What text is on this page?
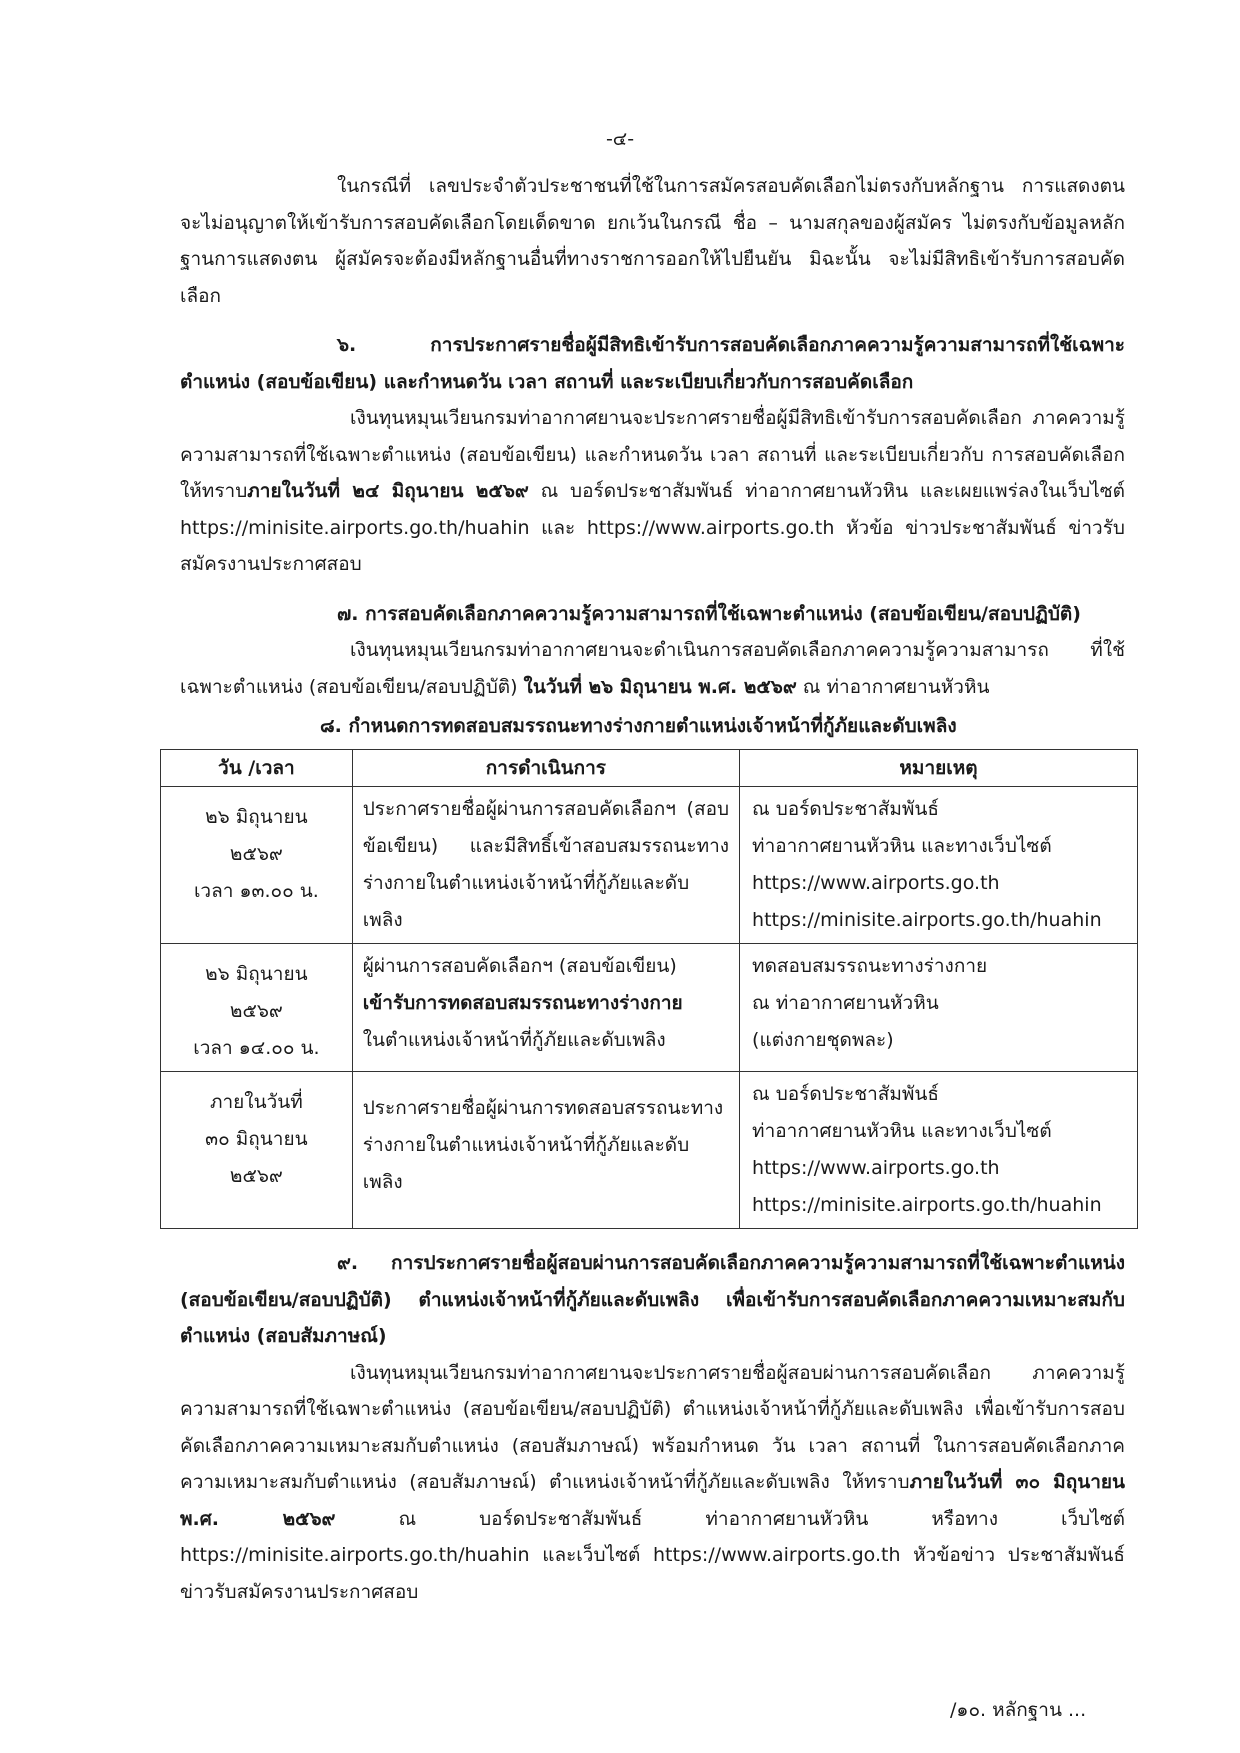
-๔-

ในกรณีที่ เลขประจำตัวประชาชนที่ใช้ในการสมัครสอบคัดเลือกไม่ตรงกับหลักฐาน การแสดงตน จะไม่อนุญาตให้เข้ารับการสอบคัดเลือกโดยเด็ดขาด ยกเว้นในกรณี ชื่อ – นามสกุลของผู้สมัคร ไม่ตรงกับข้อมูลหลักฐานการแสดงตน ผู้สมัครจะต้องมีหลักฐานอื่นที่ทางราชการออกให้ไปยืนยัน มิฉะนั้น จะไม่มีสิทธิเข้ารับการสอบคัดเลือก

๖. การประกาศรายชื่อผู้มีสิทธิเข้ารับการสอบคัดเลือกภาคความรู้ความสามารถที่ใช้เฉพาะตำแหน่ง (สอบข้อเขียน) และกำหนดวัน เวลา สถานที่ และระเบียบเกี่ยวกับการสอบคัดเลือก

เงินทุนหมุนเวียนกรมท่าอากาศยานจะประกาศรายชื่อผู้มีสิทธิเข้ารับการสอบคัดเลือก ภาคความรู้ความสามารถที่ใช้เฉพาะตำแหน่ง (สอบข้อเขียน) และกำหนดวัน เวลา สถานที่ และระเบียบเกี่ยวกับ การสอบคัดเลือกให้ทราบภายในวันที่ ๒๔ มิถุนายน ๒๕๖๙ ณ บอร์ดประชาสัมพันธ์ ท่าอากาศยานหัวหิน และเผยแพร่ลงในเว็บไซต์ https://minisite.airports.go.th/huahin และ https://www.airports.go.th หัวข้อ ข่าวประชาสัมพันธ์ ข่าวรับสมัครงานประกาศสอบ

๗. การสอบคัดเลือกภาคความรู้ความสามารถที่ใช้เฉพาะตำแหน่ง (สอบข้อเขียน/สอบปฏิบัติ)

เงินทุนหมุนเวียนกรมท่าอากาศยานจะดำเนินการสอบคัดเลือกภาคความรู้ความสามารถ ที่ใช้เฉพาะตำแหน่ง (สอบข้อเขียน/สอบปฏิบัติ) ในวันที่ ๒๖ มิถุนายน พ.ศ. ๒๕๖๙ ณ ท่าอากาศยานหัวหิน

๘. กำหนดการทดสอบสมรรถนะทางร่างกายตำแหน่งเจ้าหน้าที่กู้ภัยและดับเพลิง

วัน /เวลา	การดำเนินการ	หมายเหตุ

๒๖ มิถุนายน
๒๕๖๙
เวลา ๑๓.๐๐ น.	ประกาศรายชื่อผู้ผ่านการสอบคัดเลือกฯ (สอบข้อเขียน) และมีสิทธิ์เข้าสอบสมรรถนะทางร่างกายในตำแหน่งเจ้าหน้าที่กู้ภัยและดับเพลิง	ณ บอร์ดประชาสัมพันธ์
ท่าอากาศยานหัวหิน และทางเว็บไซต์
https://www.airports.go.th
https://minisite.airports.go.th/huahin

๒๖ มิถุนายน
๒๕๖๙
เวลา ๑๔.๐๐ น.	ผู้ผ่านการสอบคัดเลือกฯ (สอบข้อเขียน)
เข้ารับการทดสอบสมรรถนะทางร่างกาย
ในตำแหน่งเจ้าหน้าที่กู้ภัยและดับเพลิง	ทดสอบสมรรถนะทางร่างกาย
ณ ท่าอากาศยานหัวหิน
(แต่งกายชุดพละ)

ภายในวันที่
๓๐ มิถุนายน
๒๕๖๙	ประกาศรายชื่อผู้ผ่านการทดสอบสรรถนะทางร่างกายในตำแหน่งเจ้าหน้าที่กู้ภัยและดับเพลิง	ณ บอร์ดประชาสัมพันธ์
ท่าอากาศยานหัวหิน และทางเว็บไซต์
https://www.airports.go.th
https://minisite.airports.go.th/huahin

๙. การประกาศรายชื่อผู้สอบผ่านการสอบคัดเลือกภาคความรู้ความสามารถที่ใช้เฉพาะตำแหน่ง (สอบข้อเขียน/สอบปฏิบัติ) ตำแหน่งเจ้าหน้าที่กู้ภัยและดับเพลิง เพื่อเข้ารับการสอบคัดเลือกภาคความเหมาะสมกับตำแหน่ง (สอบสัมภาษณ์)

เงินทุนหมุนเวียนกรมท่าอากาศยานจะประกาศรายชื่อผู้สอบผ่านการสอบคัดเลือก ภาคความรู้ความสามารถที่ใช้เฉพาะตำแหน่ง (สอบข้อเขียน/สอบปฏิบัติ) ตำแหน่งเจ้าหน้าที่กู้ภัยและดับเพลิง เพื่อเข้ารับการสอบคัดเลือกภาคความเหมาะสมกับตำแหน่ง (สอบสัมภาษณ์) พร้อมกำหนด วัน เวลา สถานที่ ในการสอบคัดเลือกภาคความเหมาะสมกับตำแหน่ง (สอบสัมภาษณ์) ตำแหน่งเจ้าหน้าที่กู้ภัยและดับเพลิง ให้ทราบภายในวันที่ ๓๐ มิถุนายน พ.ศ. ๒๕๖๙ ณ บอร์ดประชาสัมพันธ์ ท่าอากาศยานหัวหิน หรือทาง เว็บไซต์ https://minisite.airports.go.th/huahin และเว็บไซต์ https://www.airports.go.th หัวข้อข่าว ประชาสัมพันธ์ ข่าวรับสมัครงานประกาศสอบ

/๑๐. หลักฐาน ...
